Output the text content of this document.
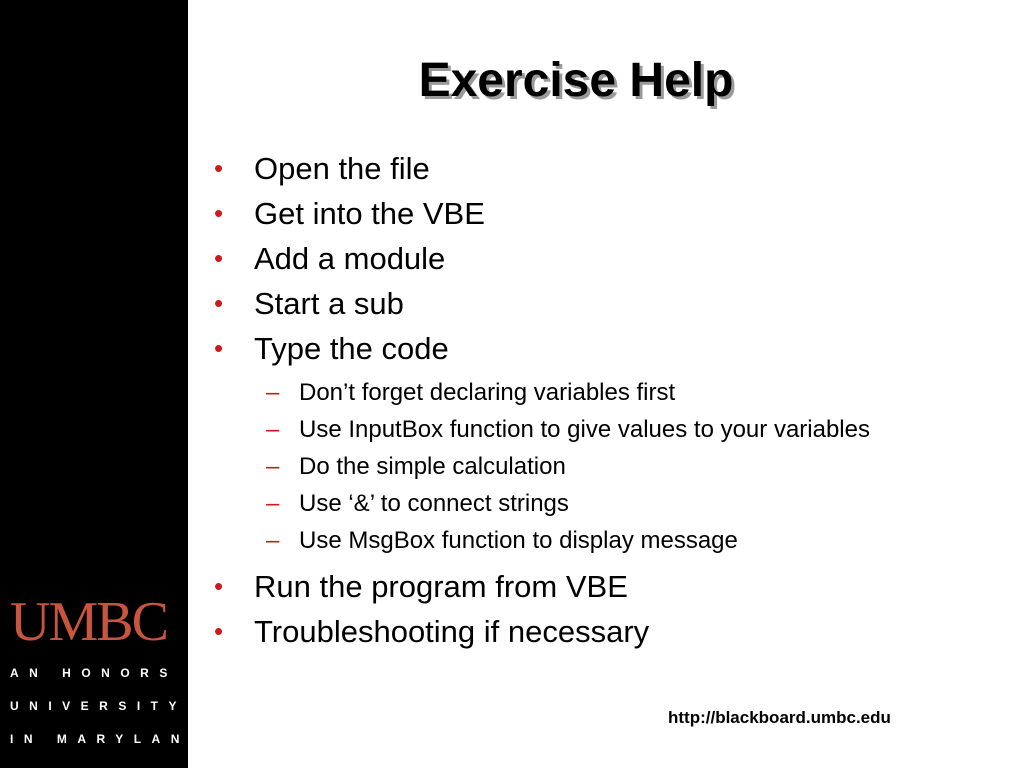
UMBC
AN HONORS
UNIVERSITY
IN MARYLAND
Exercise Help
• Open the file
• Get into the VBE
• Add a module
• Start a sub
• Type the code
– Don’t forget declaring variables first
– Use InputBox function to give values to your variables
– Do the simple calculation
– Use ‘&’ to connect strings
– Use MsgBox function to display message
• Run the program from VBE
• Troubleshooting if necessary
http://blackboard.umbc.edu
